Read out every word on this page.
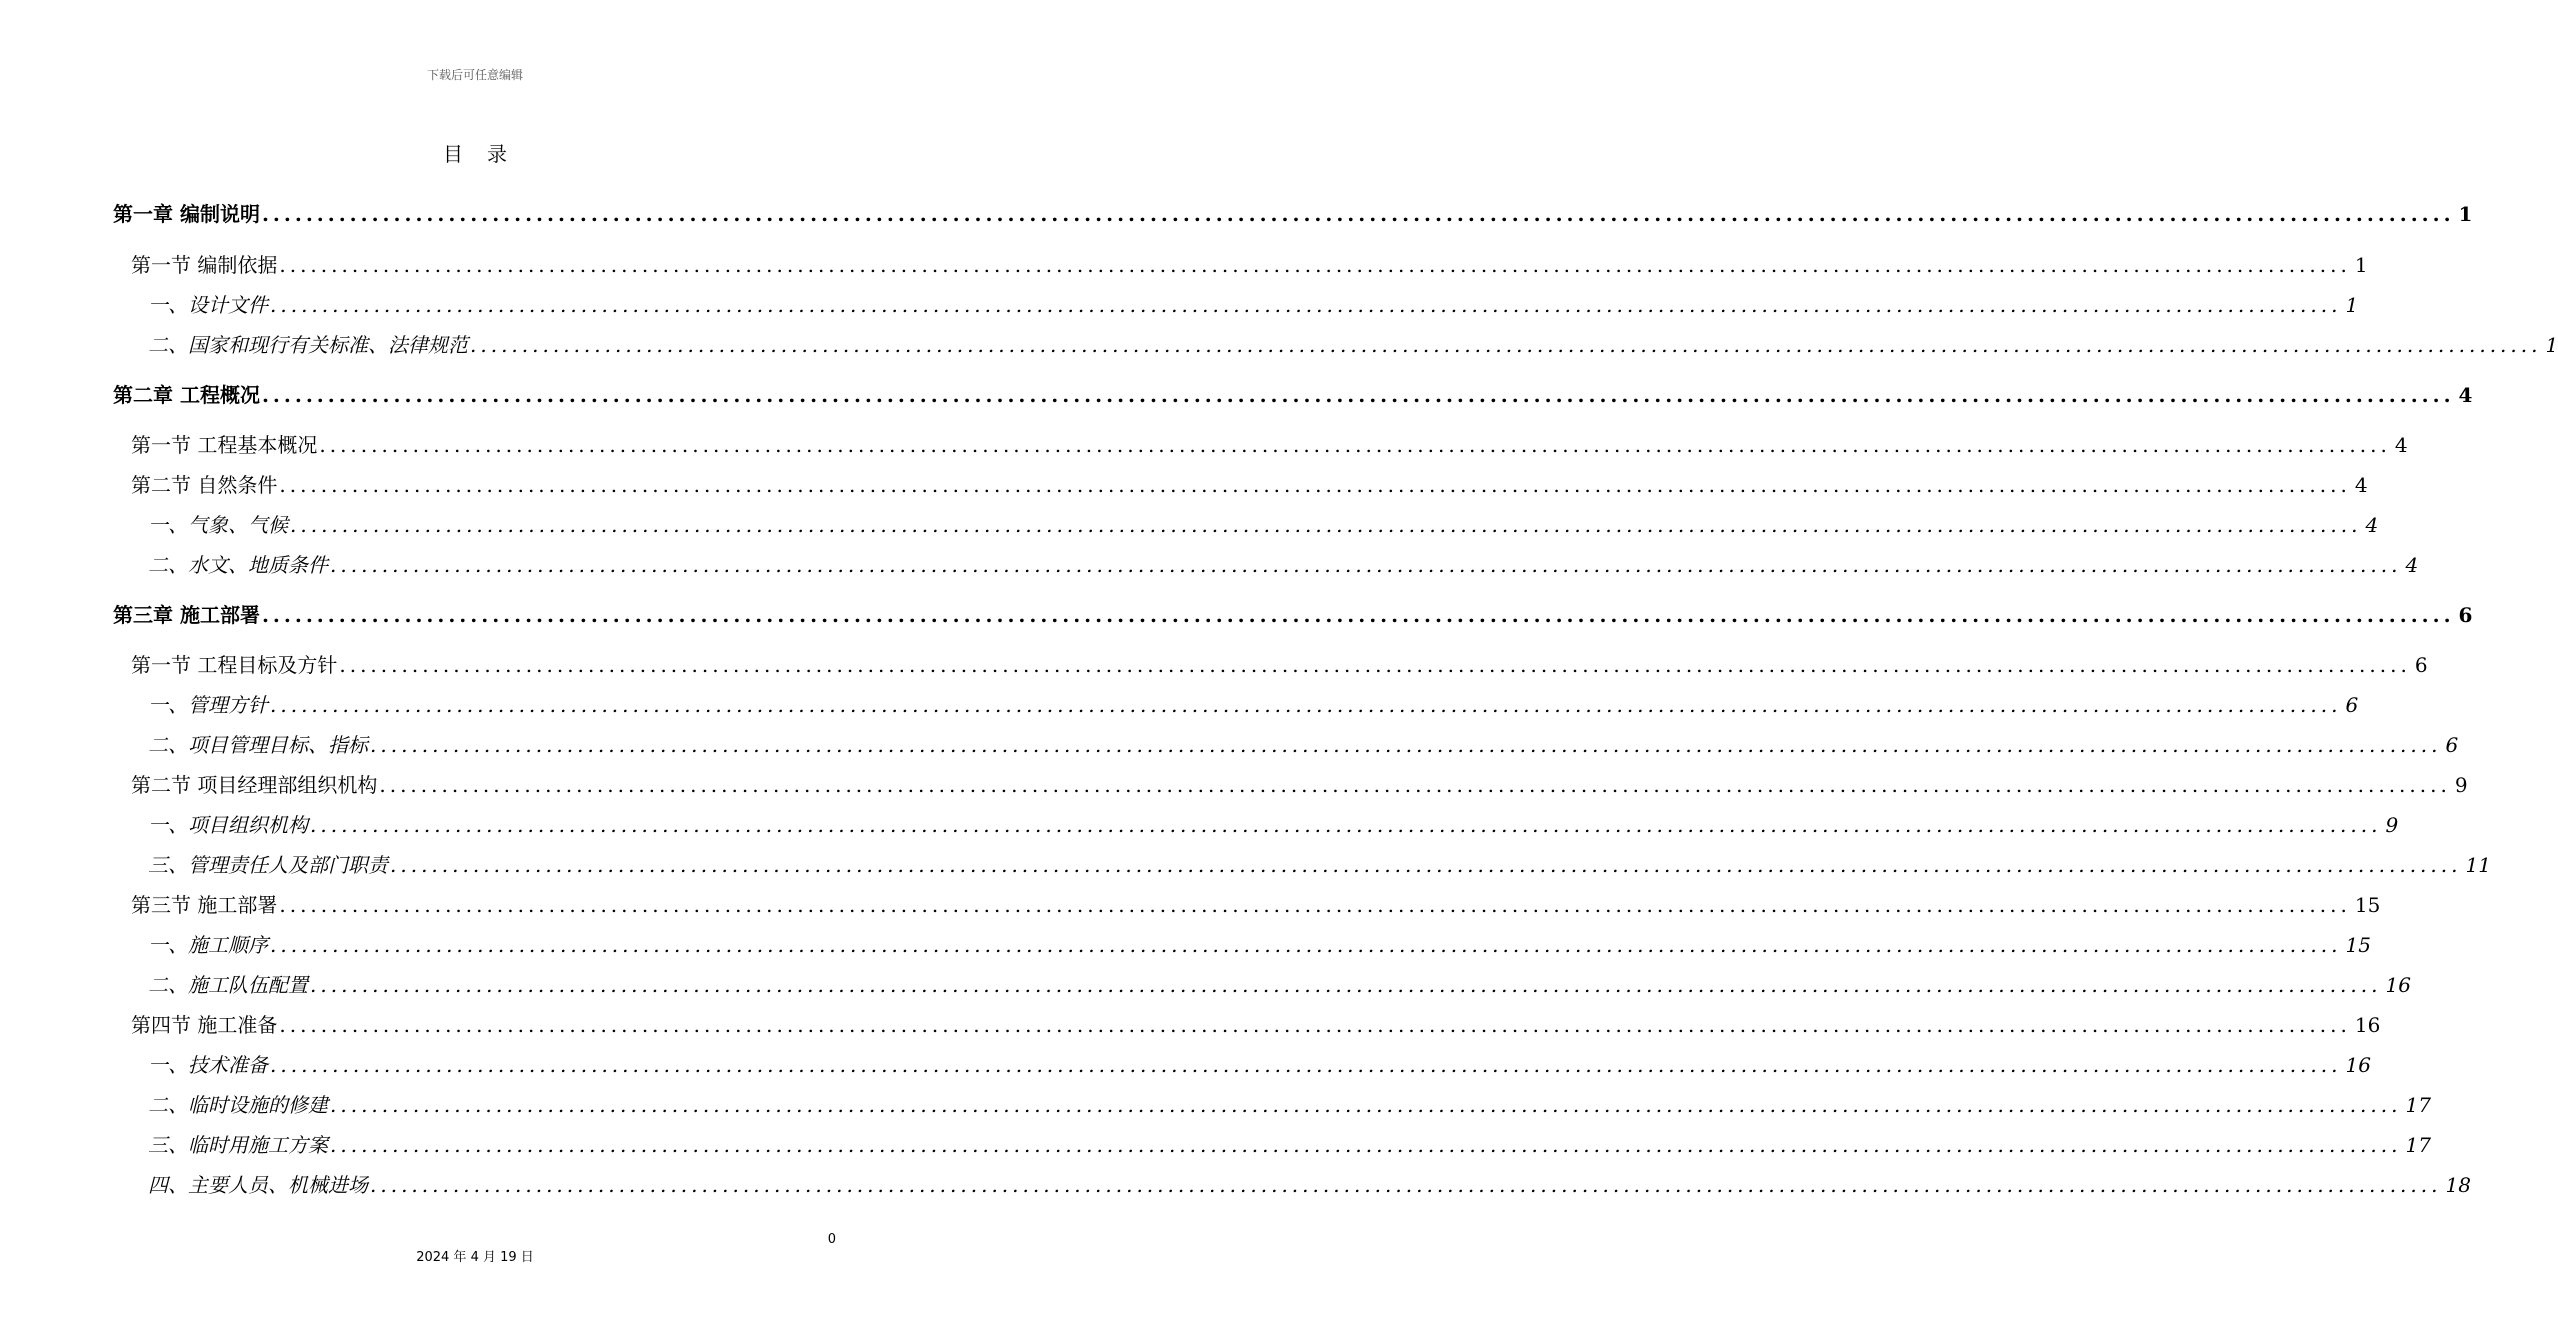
下载后可任意编辑
目录
第一章 编制说明 ........................................................................................................................................................................................................ 1
第一节 编制依据 ........................................................................................................................................................................................................ 1
一、设计文件 ........................................................................................................................................................................................................ 1
二、国家和现行有关标准、法律规范 ........................................................................................................................................................................................................ 1
第二章 工程概况 ........................................................................................................................................................................................................ 4
第一节 工程基本概况 ........................................................................................................................................................................................................ 4
第二节 自然条件 ........................................................................................................................................................................................................ 4
一、气象、气候 ........................................................................................................................................................................................................ 4
二、水文、地质条件 ........................................................................................................................................................................................................ 4
第三章 施工部署 ........................................................................................................................................................................................................ 6
第一节 工程目标及方针 ........................................................................................................................................................................................................ 6
一、管理方针 ........................................................................................................................................................................................................ 6
二、项目管理目标、指标 ........................................................................................................................................................................................................ 6
第二节 项目经理部组织机构 ........................................................................................................................................................................................................ 9
一、项目组织机构 ........................................................................................................................................................................................................ 9
三、管理责任人及部门职责 ........................................................................................................................................................................................................ 11
第三节 施工部署 ........................................................................................................................................................................................................ 15
一、施工顺序 ........................................................................................................................................................................................................ 15
二、施工队伍配置 ........................................................................................................................................................................................................ 16
第四节 施工准备 ........................................................................................................................................................................................................ 16
一、技术准备 ........................................................................................................................................................................................................ 16
二、临时设施的修建 ........................................................................................................................................................................................................ 17
三、临时用施工方案 ........................................................................................................................................................................................................ 17
四、主要人员、机械进场 ........................................................................................................................................................................................................ 18
0
2024 年 4 月 19 日
